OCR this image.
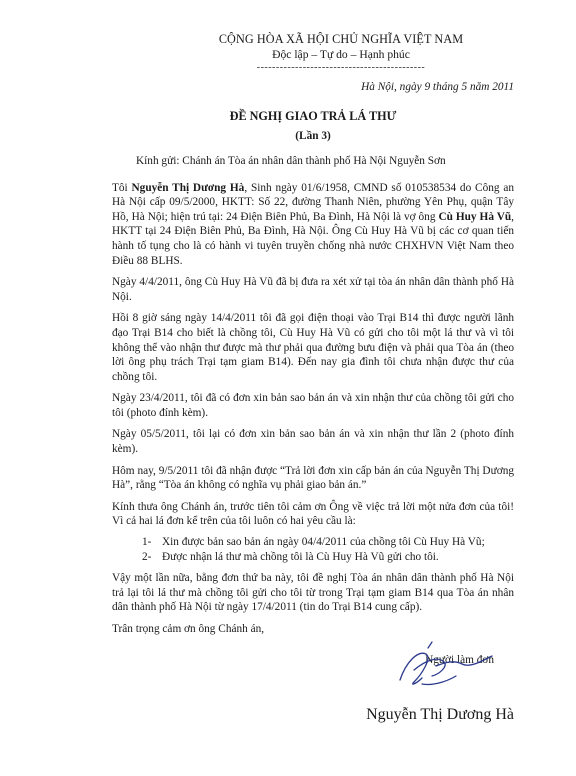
CỘNG HÒA XÃ HỘI CHỦ NGHĨA VIỆT NAM
Độc lập – Tự do – Hạnh phúc
--------------------------------------------
Hà Nội, ngày 9 tháng 5 năm 2011
ĐỀ NGHỊ GIAO TRẢ LÁ THƯ
(Lần 3)
Kính gửi: Chánh án Tòa án nhân dân thành phố Hà Nội Nguyễn Sơn

Tôi Nguyễn Thị Dương Hà, Sinh ngày 01/6/1958, CMND số 010538534 do Công an Hà Nội cấp 09/5/2000, HKTT: Số 22, đường Thanh Niên, phường Yên Phụ, quận Tây Hồ, Hà Nội; hiện trú tại: 24 Điện Biên Phủ, Ba Đình, Hà Nội là vợ ông Cù Huy Hà Vũ, HKTT tại 24 Điện Biên Phủ, Ba Đình, Hà Nội. Ông Cù Huy Hà Vũ bị các cơ quan tiến hành tố tụng cho là có hành vi tuyên truyền chống nhà nước CHXHVN Việt Nam theo Điều 88 BLHS.

Ngày 4/4/2011, ông Cù Huy Hà Vũ đã bị đưa ra xét xử tại tòa án nhân dân thành phố Hà Nội.

Hồi 8 giờ sáng ngày 14/4/2011 tôi đã gọi điện thoại vào Trại B14 thì được người lãnh đạo Trại B14 cho biết là chồng tôi, Cù Huy Hà Vũ có gửi cho tôi một lá thư và vì tôi không thể vào nhận thư được mà thư phải qua đường bưu điện và phải qua Tòa án (theo lời ông phụ trách Trại tạm giam B14). Đến nay gia đình tôi chưa nhận được thư của chồng tôi.

Ngày 23/4/2011, tôi đã có đơn xin bản sao bản án và xin nhận thư của chồng tôi gửi cho tôi (photo đính kèm).

Ngày 05/5/2011, tôi lại có đơn xin bản sao bản án và xin nhận thư lần 2 (photo đính kèm).

Hôm nay, 9/5/2011 tôi đã nhận được “Trả lời đơn xin cấp bản án của Nguyễn Thị Dương Hà”, rằng “Tòa án không có nghĩa vụ phải giao bản án.”

Kính thưa ông Chánh án, trước tiên tôi cảm ơn Ông về việc trả lời một nửa đơn của tôi! Vì cả hai lá đơn kể trên của tôi luôn có hai yêu cầu là:

1- Xin được bản sao bản án ngày 04/4/2011 của chồng tôi Cù Huy Hà Vũ;
2- Được nhận lá thư mà chồng tôi là Cù Huy Hà Vũ gửi cho tôi.

Vậy một lần nữa, bằng đơn thứ ba này, tôi đề nghị Tòa án nhân dân thành phố Hà Nội trả lại tôi lá thư mà chồng tôi gửi cho tôi từ trong Trại tạm giam B14 qua Tòa án nhân dân thành phố Hà Nội từ ngày 17/4/2011 (tin do Trại B14 cung cấp).

Trân trọng cảm ơn ông Chánh án,

Người làm đơn
Nguyễn Thị Dương Hà
